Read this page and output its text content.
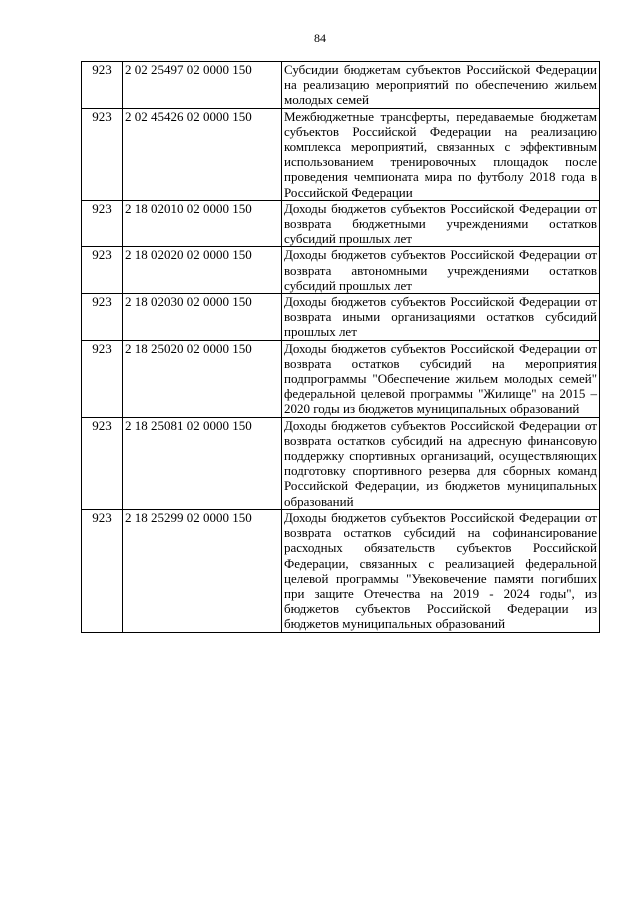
84
923	2 02 25497 02 0000 150	Субсидии бюджетам субъектов Российской Федерации на реализацию мероприятий по обеспечению жильем молодых семей
923	2 02 45426 02 0000 150	Межбюджетные трансферты, передаваемые бюджетам субъектов Российской Федерации на реализацию комплекса мероприятий, связанных с эффективным использованием тренировочных площадок после проведения чемпионата мира по футболу 2018 года в Российской Федерации
923	2 18 02010 02 0000 150	Доходы бюджетов субъектов Российской Федерации от возврата бюджетными учреждениями остатков субсидий прошлых лет
923	2 18 02020 02 0000 150	Доходы бюджетов субъектов Российской Федерации от возврата автономными учреждениями остатков субсидий прошлых лет
923	2 18 02030 02 0000 150	Доходы бюджетов субъектов Российской Федерации от возврата иными организациями остатков субсидий прошлых лет
923	2 18 25020 02 0000 150	Доходы бюджетов субъектов Российской Федерации от возврата остатков субсидий на мероприятия подпрограммы "Обеспечение жильем молодых семей" федеральной целевой программы "Жилище" на 2015 – 2020 годы из бюджетов муниципальных образований
923	2 18 25081 02 0000 150	Доходы бюджетов субъектов Российской Федерации от возврата остатков субсидий на адресную финансовую поддержку спортивных организаций, осуществляющих подготовку спортивного резерва для сборных команд Российской Федерации, из бюджетов муниципальных образований
923	2 18 25299 02 0000 150	Доходы бюджетов субъектов Российской Федерации от возврата остатков субсидий на софинансирование расходных обязательств субъектов Российской Федерации, связанных с реализацией федеральной целевой программы "Увековечение памяти погибших при защите Отечества на 2019 - 2024 годы", из бюджетов субъектов Российской Федерации из бюджетов муниципальных образований
